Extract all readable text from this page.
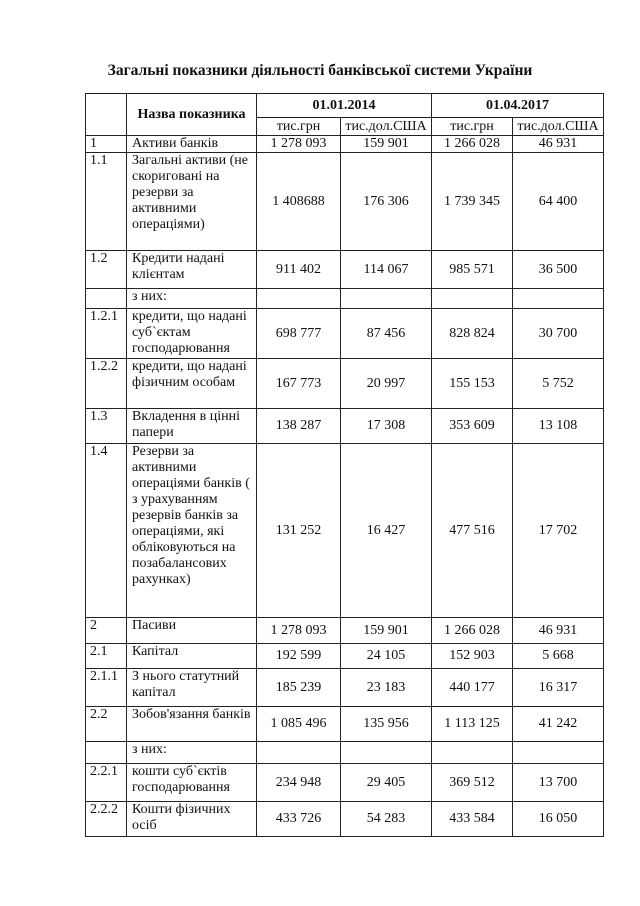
Загальні показники діяльності банківської системи України
	Назва показника	01.01.2014		01.04.2017	
		тис.грн	тис.дол.США	тис.грн	тис.дол.США
1	Активи банків	1 278 093	159 901	1 266 028	46 931
1.1	Загальні активи (не скориговані на резерви за активними операціями)	1 408688	176 306	1 739 345	64 400
1.2	Кредити надані клієнтам	911 402	114 067	985 571	36 500
	з них:				
1.2.1	кредити, що надані суб`єктам господарювання	698 777	87 456	828 824	30 700
1.2.2	кредити, що надані фізичним особам	167 773	20 997	155 153	5 752
1.3	Вкладення в цінні папери	138 287	17 308	353 609	13 108
1.4	Резерви за активними операціями банків ( з урахуванням резервів банків за операціями, які обліковуються на позабалансових рахунках)	131 252	16 427	477 516	17 702
2	Пасиви	1 278 093	159 901	1 266 028	46 931
2.1	Капітал	192 599	24 105	152 903	5 668
2.1.1	З нього статутний капітал	185 239	23 183	440 177	16 317
2.2	Зобов'язання банків	1 085 496	135 956	1 113 125	41 242
	з них:				
2.2.1	кошти суб`єктів господарювання	234 948	29 405	369 512	13 700
2.2.2	Кошти фізичних осіб	433 726	54 283	433 584	16 050
